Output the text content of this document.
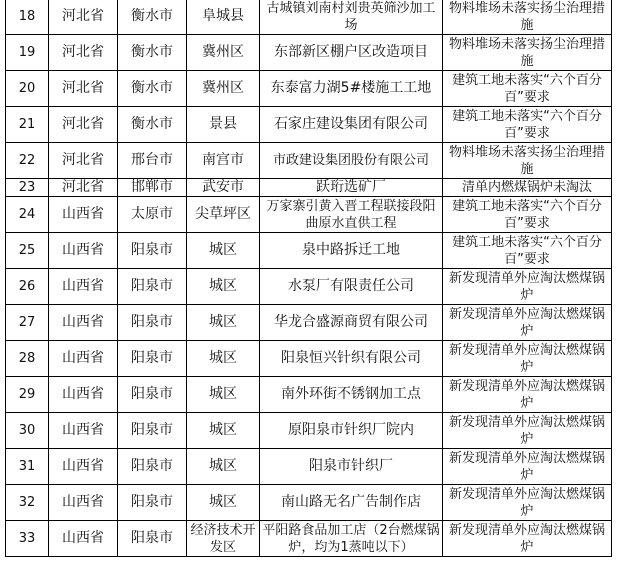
18	河北省	衡水市	阜城县	古城镇刘南村刘贵英筛沙加工场	物料堆场未落实扬尘治理措施
19	河北省	衡水市	冀州区	东部新区棚户区改造项目	物料堆场未落实扬尘治理措施
20	河北省	衡水市	冀州区	东泰富力湖5#楼施工工地	建筑工地未落实“六个百分百”要求
21	河北省	衡水市	景县	石家庄建设集团有限公司	建筑工地未落实“六个百分百”要求
22	河北省	邢台市	南宫市	市政建设集团股份有限公司	物料堆场未落实扬尘治理措施
23	河北省	邯郸市	武安市	跃珩选矿厂	清单内燃煤锅炉未淘汰
24	山西省	太原市	尖草坪区	万家寨引黄入晋工程联接段阳曲原水直供工程	建筑工地未落实“六个百分百”要求
25	山西省	阳泉市	城区	泉中路拆迁工地	建筑工地未落实“六个百分百”要求
26	山西省	阳泉市	城区	水泵厂有限责任公司	新发现清单外应淘汰燃煤锅炉
27	山西省	阳泉市	城区	华龙合盛源商贸有限公司	新发现清单外应淘汰燃煤锅炉
28	山西省	阳泉市	城区	阳泉恒兴针织有限公司	新发现清单外应淘汰燃煤锅炉
29	山西省	阳泉市	城区	南外环街不锈钢加工点	新发现清单外应淘汰燃煤锅炉
30	山西省	阳泉市	城区	原阳泉市针织厂院内	新发现清单外应淘汰燃煤锅炉
31	山西省	阳泉市	城区	阳泉市针织厂	新发现清单外应淘汰燃煤锅炉
32	山西省	阳泉市	城区	南山路无名广告制作店	新发现清单外应淘汰燃煤锅炉
33	山西省	阳泉市	经济技术开发区	平阳路食品加工店（2台燃煤锅炉，均为1蒸吨以下）	新发现清单外应淘汰燃煤锅炉
